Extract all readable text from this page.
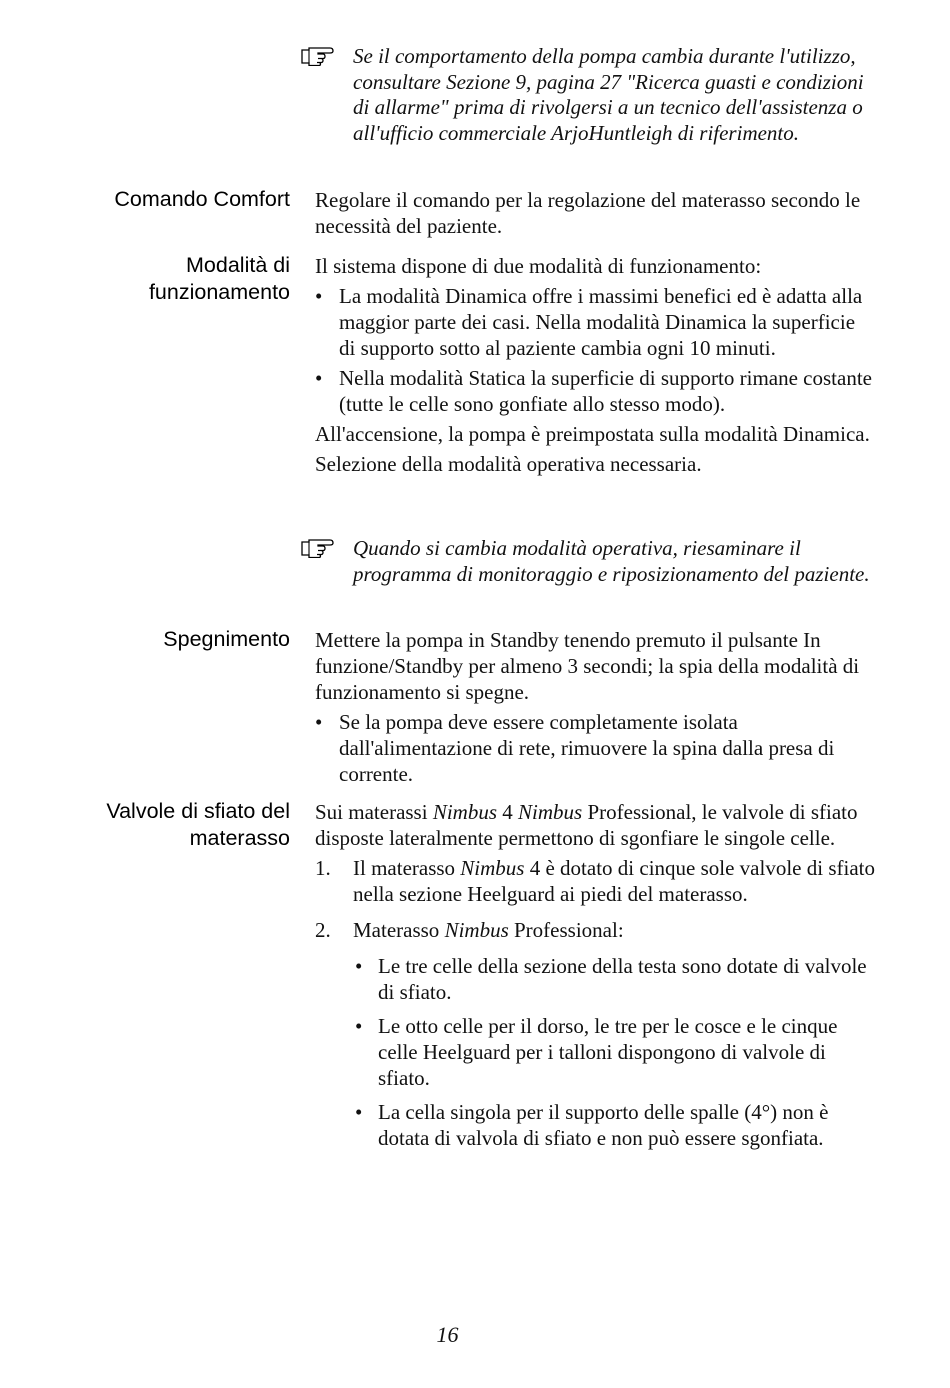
Se il comportamento della pompa cambia durante l'utilizzo, consultare Sezione 9, pagina 27 "Ricerca guasti e condizioni di allarme" prima di rivolgersi a un tecnico dell'assistenza o all'ufficio commerciale ArjoHuntleigh di riferimento.

Comando Comfort Regolare il comando per la regolazione del materasso secondo le necessità del paziente.

Modalità di
funzionamento

Il sistema dispone di due modalità di funzionamento:

• La modalità Dinamica offre i massimi benefici ed è adatta alla maggior parte dei casi. Nella modalità Dinamica la superficie di supporto sotto al paziente cambia ogni 10 minuti.

• Nella modalità Statica la superficie di supporto rimane costante (tutte le celle sono gonfiate allo stesso modo).

All'accensione, la pompa è preimpostata sulla modalità Dinamica.

Selezione della modalità operativa necessaria.

Quando si cambia modalità operativa, riesaminare il programma di monitoraggio e riposizionamento del paziente.

Spegnimento Mettere la pompa in Standby tenendo premuto il pulsante In funzione/Standby per almeno 3 secondi; la spia della modalità di funzionamento si spegne.

• Se la pompa deve essere completamente isolata dall'alimentazione di rete, rimuovere la spina dalla presa di corrente.

Valvole di sfiato del
materasso

Sui materassi Nimbus 4 Nimbus Professional, le valvole di sfiato disposte lateralmente permettono di sgonfiare le singole celle.

1. Il materasso Nimbus 4 è dotato di cinque sole valvole di sfiato nella sezione Heelguard ai piedi del materasso.

2. Materasso Nimbus Professional:

• Le tre celle della sezione della testa sono dotate di valvole di sfiato.

• Le otto celle per il dorso, le tre per le cosce e le cinque celle Heelguard per i talloni dispongono di valvole di sfiato.

• La cella singola per il supporto delle spalle (4°) non è dotata di valvola di sfiato e non può essere sgonfiata.

16
